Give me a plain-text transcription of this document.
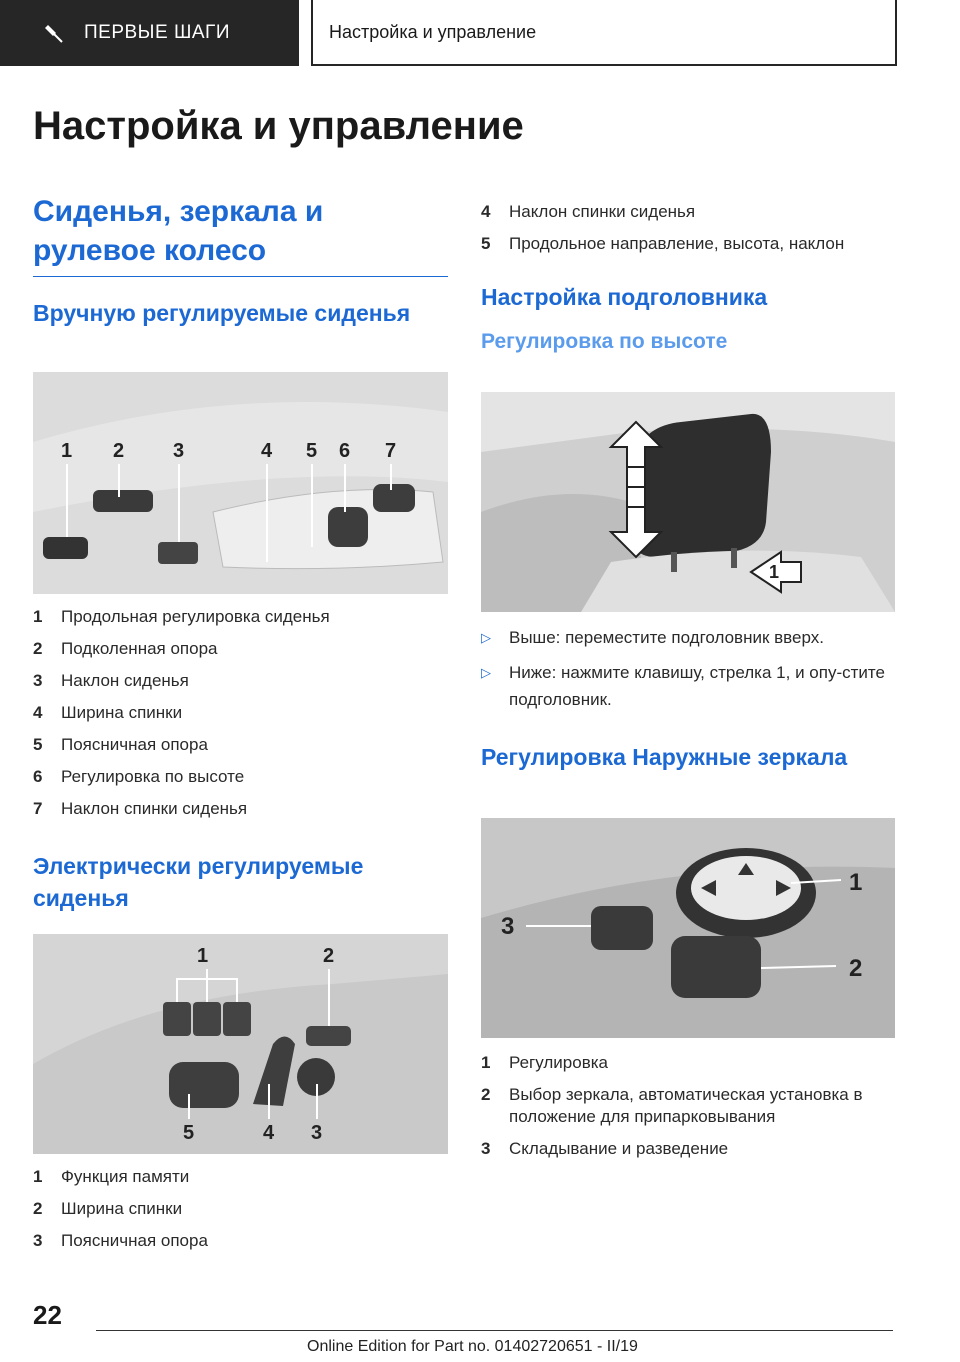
ПЕРВЫЕ ШАГИ	Настройка и управление
Настройка и управление
Сиденья, зеркала и рулевое колесо
Вручную регулируемые сиденья
1 2 3	4 5 6 7
1	Продольная регулировка сиденья
2	Подколенная опора
3	Наклон сиденья
4	Ширина спинки
5	Поясничная опора
6	Регулировка по высоте
7	Наклон спинки сиденья
Электрически регулируемые сиденья
1	2
5	4 3
1	Функция памяти
2	Ширина спинки
3	Поясничная опора
4	Наклон спинки сиденья
5	Продольное направление, высота, наклон
Настройка подголовника
Регулировка по высоте
1
▷	Выше: переместите подголовник вверх.
▷	Ниже: нажмите клавишу, стрелка 1, и опу-стите подголовник.
Регулировка Наружные зеркала
1
2
3
1	Регулировка
2	Выбор зеркала, автоматическая установка в положение для припарковывания
3	Складывание и разведение
22
Online Edition for Part no. 01402720651 - II/19
